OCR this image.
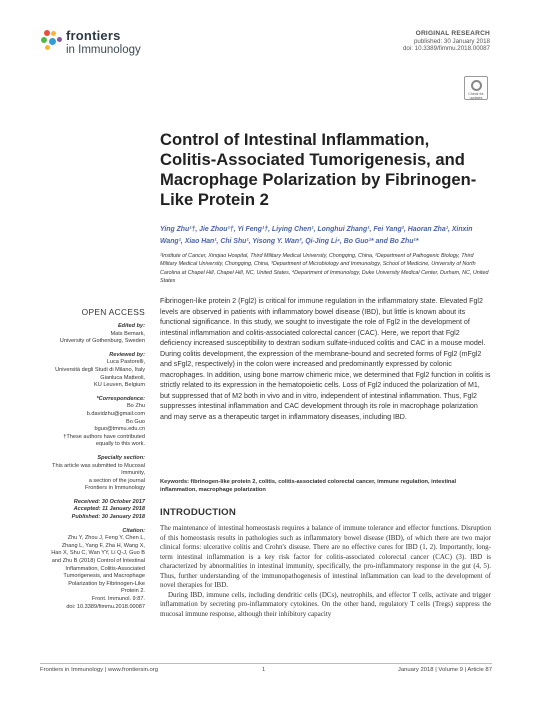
frontiers
in Immunology
ORIGINAL RESEARCH
published: 30 January 2018
doi: 10.3389/fimmu.2018.00087
Check for
updates
Control of Intestinal Inflammation, Colitis-Associated Tumorigenesis, and Macrophage Polarization by Fibrinogen-Like Protein 2
Ying Zhu¹†, Jie Zhou¹†, Yi Feng¹†, Liying Chen¹, Longhui Zhang¹, Fei Yang², Haoran Zha¹, Xinxin Wang¹, Xiao Han¹, Chi Shu¹, Yisong Y. Wan³, Qi-Jing Li⁴, Bo Guo¹* and Bo Zhu¹*
¹Institute of Cancer, Xinqiao Hospital, Third Military Medical University, Chongqing, China, ²Department of Pathogenic Biology, Third Military Medical University, Chongqing, China, ³Department of Microbiology and Immunology, School of Medicine, University of North Carolina at Chapel Hill, Chapel Hill, NC, United States, ⁴Department of Immunology, Duke University Medical Center, Durham, NC, United States
OPEN ACCESS
Edited by:
Mats Bemark,
University of Gothenburg, Sweden
Reviewed by:
Luca Pastorelli,
Università degli Studi di Milano, Italy
Gianluca Matteoli,
KU Leuven, Belgium
*Correspondence:
Bo Zhu
b.davidzhu@gmail.com
Bo Guo
bguo@tmmu.edu.cn
†These authors have contributed
equally to this work.
Specialty section:
This article was submitted to Mucosal
Immunity,
a section of the journal
Frontiers in Immunology
Received: 30 October 2017
Accepted: 11 January 2018
Published: 30 January 2018
Citation:
Zhu Y, Zhou J, Feng Y, Chen L,
Zhang L, Yang F, Zha H, Wang X,
Han X, Shu C, Wan YY, Li Q-J, Guo B
and Zhu B (2018) Control of Intestinal
Inflammation, Colitis-Associated
Tumorigenesis, and Macrophage
Polarization by Fibrinogen-Like
Protein 2.
Front. Immunol. 9:87.
doi: 10.3389/fimmu.2018.00087
Fibrinogen-like protein 2 (Fgl2) is critical for immune regulation in the inflammatory state. Elevated Fgl2 levels are observed in patients with inflammatory bowel disease (IBD), but little is known about its functional significance. In this study, we sought to investigate the role of Fgl2 in the development of intestinal inflammation and colitis-associated colorectal cancer (CAC). Here, we report that Fgl2 deficiency increased susceptibility to dextran sodium sulfate-induced colitis and CAC in a mouse model. During colitis development, the expression of the membrane-bound and secreted forms of Fgl2 (mFgl2 and sFgl2, respectively) in the colon were increased and predominantly expressed by colonic macrophages. In addition, using bone marrow chimeric mice, we determined that Fgl2 function in colitis is strictly related to its expression in the hematopoietic cells. Loss of Fgl2 induced the polarization of M1, but suppressed that of M2 both in vivo and in vitro, independent of intestinal inflammation. Thus, Fgl2 suppresses intestinal inflammation and CAC development through its role in macrophage polarization and may serve as a therapeutic target in inflammatory diseases, including IBD.
Keywords: fibrinogen-like protein 2, colitis, colitis-associated colorectal cancer, immune regulation, intestinal inflammation, macrophage polarization
INTRODUCTION

The maintenance of intestinal homeostasis requires a balance of immune tolerance and effector functions. Disruption of this homeostasis results in pathologies such as inflammatory bowel disease (IBD), of which there are two major clinical forms: ulcerative colitis and Crohn's disease. There are no effective cures for IBD (1, 2). Importantly, long-term intestinal inflammation is a key risk factor for colitis-associated colorectal cancer (CAC) (3). IBD is characterized by abnormalities in intestinal immunity, specifically, the pro-inflammatory response in the gut (4, 5). Thus, further understanding of the immunopathogenesis of intestinal inflammation can lead to the development of novel therapies for IBD.

During IBD, immune cells, including dendritic cells (DCs), neutrophils, and effector T cells, activate and trigger inflammation by secreting pro-inflammatory cytokines. On the other hand, regulatory T cells (Tregs) suppress the mucosal immune response, although their inhibitory capacity

Frontiers in Immunology | www.frontiersin.org	1	January 2018 | Volume 9 | Article 87
